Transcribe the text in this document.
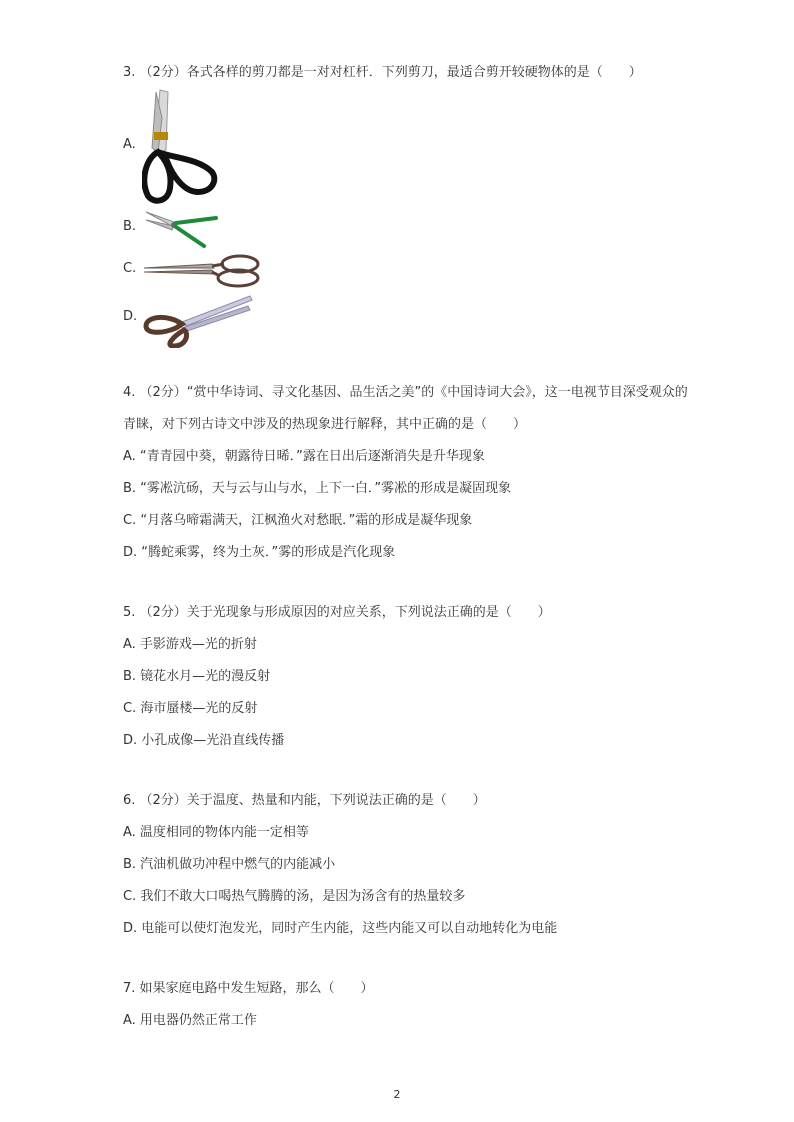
3. （2分）各式各样的剪刀都是一对对杠杆．下列剪刀，最适合剪开较硬物体的是（　　）
A.
B.
C.
D.
4. （2分）“赏中华诗词、寻文化基因、品生活之美”的《中国诗词大会》，这一电视节目深受观众的
青睐，对下列古诗文中涉及的热现象进行解释，其中正确的是（　　）
A. “青青园中葵，朝露待日晞．”露在日出后逐渐消失是升华现象
B. “雾凇沆砀，天与云与山与水，上下一白．”雾凇的形成是凝固现象
C. “月落乌啼霜满天，江枫渔火对愁眠．”霜的形成是凝华现象
D. “腾蛇乘雾，终为土灰．”雾的形成是汽化现象
5. （2分）关于光现象与形成原因的对应关系，下列说法正确的是（　　）
A. 手影游戏—光的折射
B. 镜花水月—光的漫反射
C. 海市蜃楼—光的反射
D. 小孔成像—光沿直线传播
6. （2分）关于温度、热量和内能，下列说法正确的是（　　）
A. 温度相同的物体内能一定相等
B. 汽油机做功冲程中燃气的内能减小
C. 我们不敢大口喝热气腾腾的汤，是因为汤含有的热量较多
D. 电能可以使灯泡发光，同时产生内能，这些内能又可以自动地转化为电能
7. 如果家庭电路中发生短路，那么（　　）
A. 用电器仍然正常工作
2
